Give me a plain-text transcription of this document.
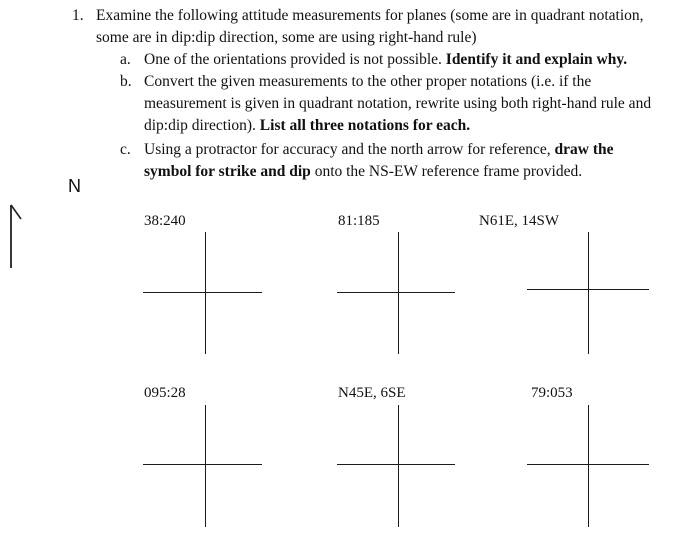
1. Examine the following attitude measurements for planes (some are in quadrant notation, some are in dip:dip direction, some are using right-hand rule)
a. One of the orientations provided is not possible. Identify it and explain why.
b. Convert the given measurements to the other proper notations (i.e. if the measurement is given in quadrant notation, rewrite using both right-hand rule and dip:dip direction). List all three notations for each.
c. Using a protractor for accuracy and the north arrow for reference, draw the symbol for strike and dip onto the NS-EW reference frame provided.
N
38:240	81:185	N61E, 14SW
095:28	N45E, 6SE	79:053
